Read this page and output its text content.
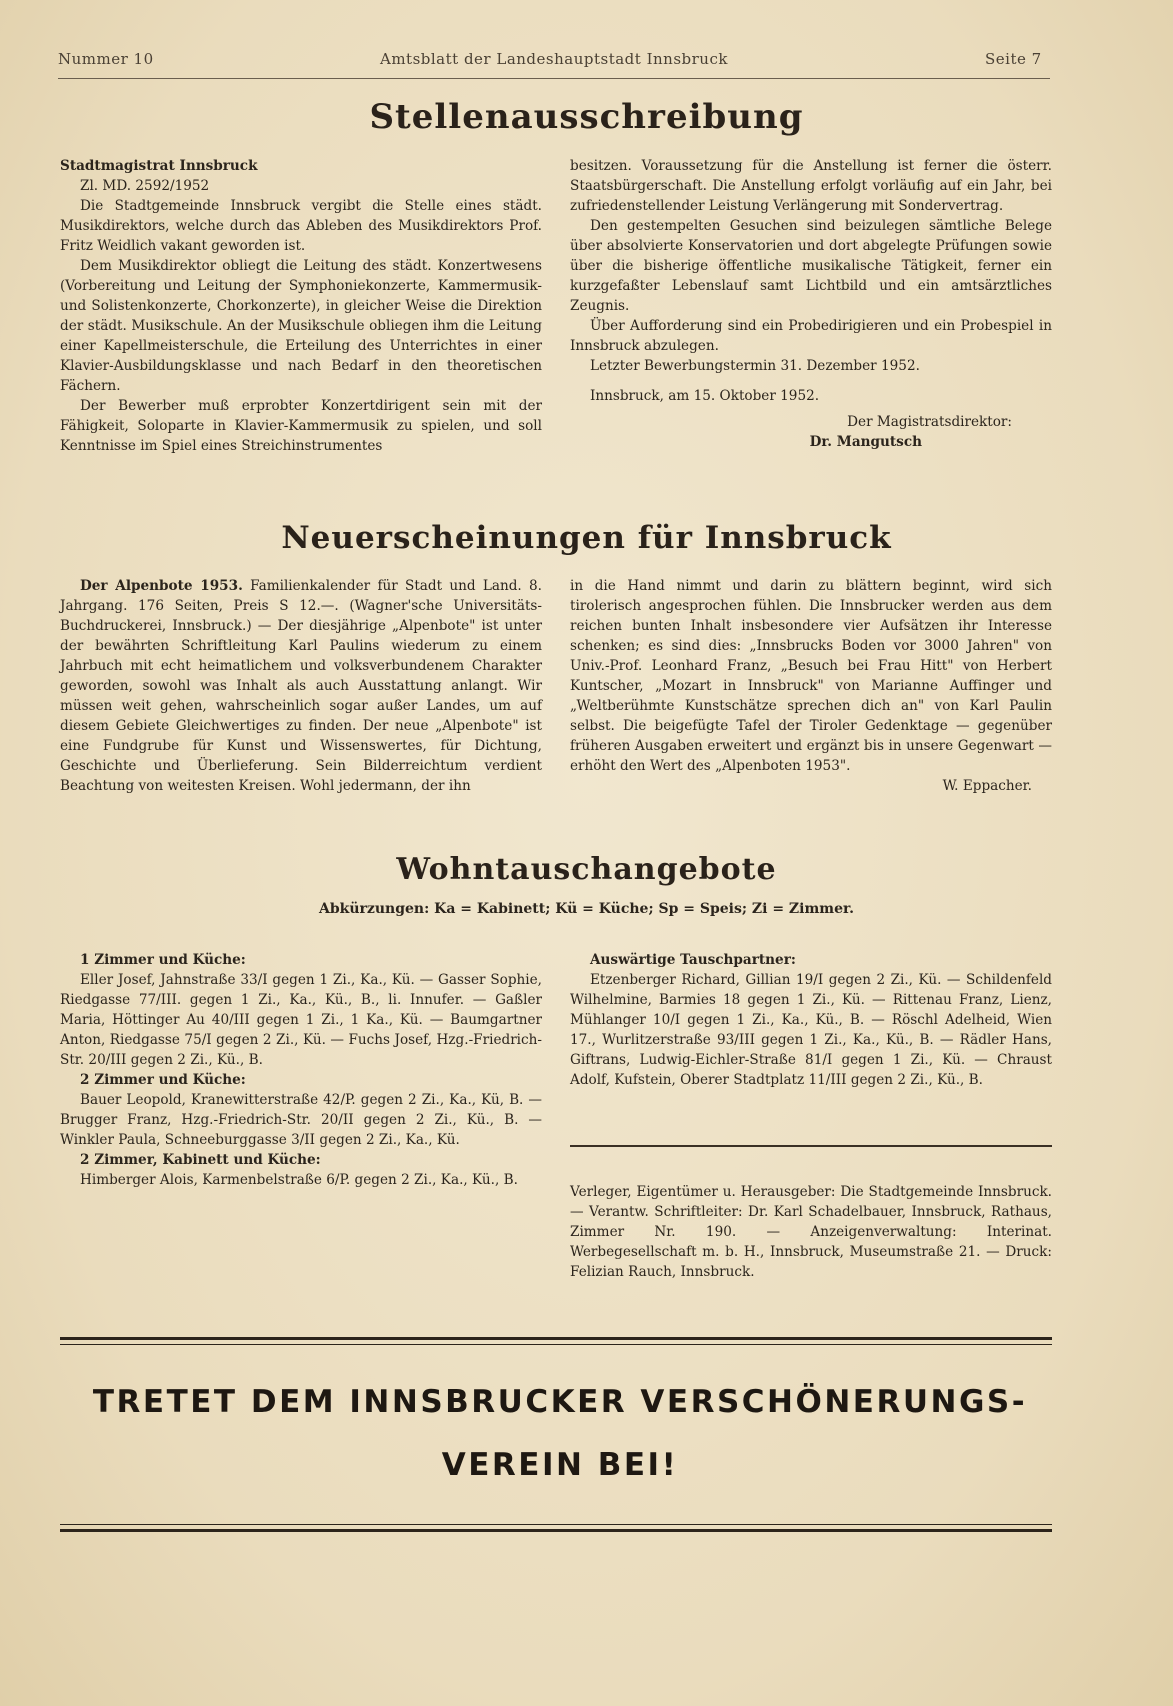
Nummer 10	Amtsblatt der Landeshauptstadt Innsbruck	Seite 7
Stellenausschreibung

Stadtmagistrat Innsbruck

Zl. MD. 2592/1952

Die Stadtgemeinde Innsbruck vergibt die Stelle eines städt. Musikdirektors, welche durch das Ableben des Musikdirektors Prof. Fritz Weidlich vakant geworden ist.

Dem Musikdirektor obliegt die Leitung des städt. Konzertwesens (Vorbereitung und Leitung der Symphoniekonzerte, Kammermusik- und Solistenkonzerte, Chorkonzerte), in gleicher Weise die Direktion der städt. Musikschule. An der Musikschule obliegen ihm die Leitung einer Kapellmeisterschule, die Erteilung des Unterrichtes in einer Klavier-Ausbildungsklasse und nach Bedarf in den theoretischen Fächern.

Der Bewerber muß erprobter Konzertdirigent sein mit der Fähigkeit, Soloparte in Klavier-Kammermusik zu spielen, und soll Kenntnisse im Spiel eines Streichinstrumentes

besitzen. Voraussetzung für die Anstellung ist ferner die österr. Staatsbürgerschaft. Die Anstellung erfolgt vorläufig auf ein Jahr, bei zufriedenstellender Leistung Verlängerung mit Sondervertrag.

Den gestempelten Gesuchen sind beizulegen sämtliche Belege über absolvierte Konservatorien und dort abgelegte Prüfungen sowie über die bisherige öffentliche musikalische Tätigkeit, ferner ein kurzgefaßter Lebenslauf samt Lichtbild und ein amtsärztliches Zeugnis.

Über Aufforderung sind ein Probedirigieren und ein Probespiel in Innsbruck abzulegen.

Letzter Bewerbungstermin 31. Dezember 1952.

Innsbruck, am 15. Oktober 1952.

Der Magistratsdirektor:

Dr. Mangutsch

Neuerscheinungen für Innsbruck

Der Alpenbote 1953. Familienkalender für Stadt und Land. 8. Jahrgang. 176 Seiten, Preis S 12.—. (Wagner'sche Universitäts-Buchdruckerei, Innsbruck.) — Der diesjährige „Alpenbote" ist unter der bewährten Schriftleitung Karl Paulins wiederum zu einem Jahrbuch mit echt heimatlichem und volksverbundenem Charakter geworden, sowohl was Inhalt als auch Ausstattung anlangt. Wir müssen weit gehen, wahrscheinlich sogar außer Landes, um auf diesem Gebiete Gleichwertiges zu finden. Der neue „Alpenbote" ist eine Fundgrube für Kunst und Wissenswertes, für Dichtung, Geschichte und Überlieferung. Sein Bilderreichtum verdient Beachtung von weitesten Kreisen. Wohl jedermann, der ihn

in die Hand nimmt und darin zu blättern beginnt, wird sich tirolerisch angesprochen fühlen. Die Innsbrucker werden aus dem reichen bunten Inhalt insbesondere vier Aufsätzen ihr Interesse schenken; es sind dies: „Innsbrucks Boden vor 3000 Jahren" von Univ.-Prof. Leonhard Franz, „Besuch bei Frau Hitt" von Herbert Kuntscher, „Mozart in Innsbruck" von Marianne Auffinger und „Weltberühmte Kunstschätze sprechen dich an" von Karl Paulin selbst. Die beigefügte Tafel der Tiroler Gedenktage — gegenüber früheren Ausgaben erweitert und ergänzt bis in unsere Gegenwart — erhöht den Wert des „Alpenboten 1953".

W. Eppacher.

Wohntauschangebote
Abkürzungen: Ka = Kabinett; Kü = Küche; Sp = Speis; Zi = Zimmer.

1 Zimmer und Küche:

Eller Josef, Jahnstraße 33/I gegen 1 Zi., Ka., Kü. — Gasser Sophie, Riedgasse 77/III. gegen 1 Zi., Ka., Kü., B., li. Innufer. — Gaßler Maria, Höttinger Au 40/III gegen 1 Zi., 1 Ka., Kü. — Baumgartner Anton, Riedgasse 75/I gegen 2 Zi., Kü. — Fuchs Josef, Hzg.-Friedrich-Str. 20/III gegen 2 Zi., Kü., B.

2 Zimmer und Küche:

Bauer Leopold, Kranewitterstraße 42/P. gegen 2 Zi., Ka., Kü, B. — Brugger Franz, Hzg.-Friedrich-Str. 20/II gegen 2 Zi., Kü., B. — Winkler Paula, Schneeburggasse 3/II gegen 2 Zi., Ka., Kü.

2 Zimmer, Kabinett und Küche:

Himberger Alois, Karmenbelstraße 6/P. gegen 2 Zi., Ka., Kü., B.

Auswärtige Tauschpartner:

Etzenberger Richard, Gillian 19/I gegen 2 Zi., Kü. — Schildenfeld Wilhelmine, Barmies 18 gegen 1 Zi., Kü. — Rittenau Franz, Lienz, Mühlanger 10/I gegen 1 Zi., Ka., Kü., B. — Röschl Adelheid, Wien 17., Wurlitzerstraße 93/III gegen 1 Zi., Ka., Kü., B. — Rädler Hans, Giftrans, Ludwig-Eichler-Straße 81/I gegen 1 Zi., Kü. — Chraust Adolf, Kufstein, Oberer Stadtplatz 11/III gegen 2 Zi., Kü., B.

Verleger, Eigentümer u. Herausgeber: Die Stadtgemeinde Innsbruck. — Verantw. Schriftleiter: Dr. Karl Schadelbauer, Innsbruck, Rathaus, Zimmer Nr. 190. — Anzeigenverwaltung: Interinat. Werbegesellschaft m. b. H., Innsbruck, Museumstraße 21. — Druck: Felizian Rauch, Innsbruck.

TRETET DEM INNSBRUCKER VERSCHÖNERUNGS-
VEREIN BEI!
